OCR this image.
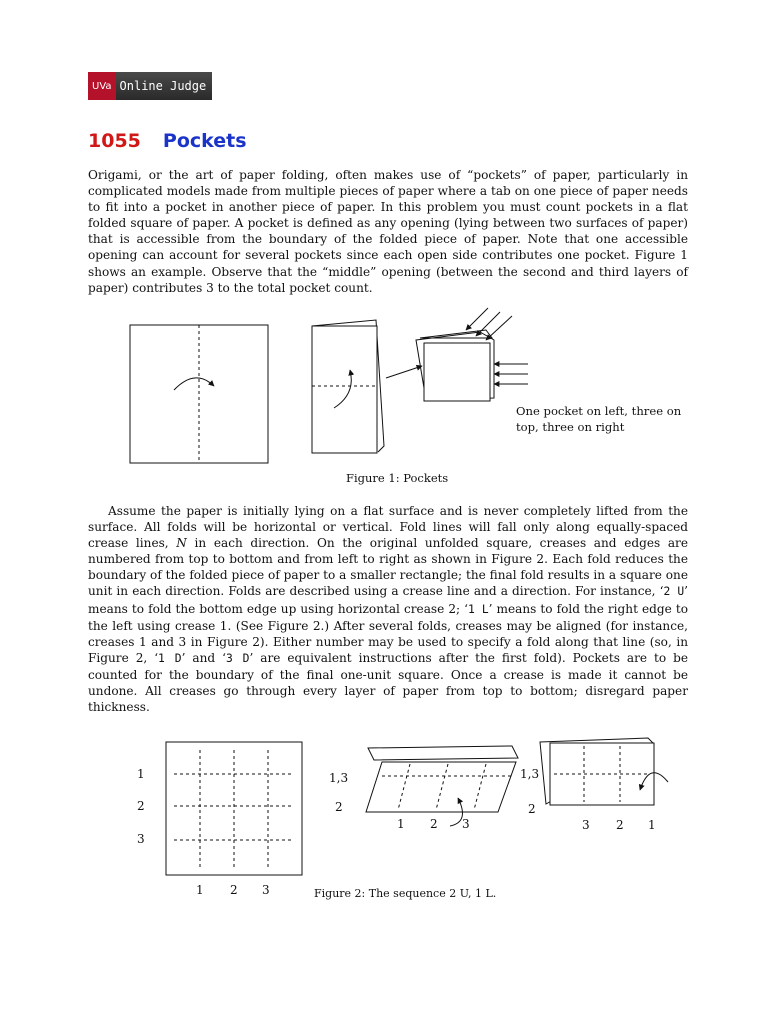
UVa Online Judge
1055 Pockets

Origami, or the art of paper folding, often makes use of “pockets” of paper, particularly in complicated models made from multiple pieces of paper where a tab on one piece of paper needs to fit into a pocket in another piece of paper. In this problem you must count pockets in a flat folded square of paper. A pocket is defined as any opening (lying between two surfaces of paper) that is accessible from the boundary of the folded piece of paper. Note that one accessible opening can account for several pockets since each open side contributes one pocket. Figure 1 shows an example. Observe that the “middle” opening (between the second and third layers of paper) contributes 3 to the total pocket count.

One pocket on left, three on top, three on right
Figure 1: Pockets

Assume the paper is initially lying on a flat surface and is never completely lifted from the surface. All folds will be horizontal or vertical. Fold lines will fall only along equally-spaced crease lines, N in each direction. On the original unfolded square, creases and edges are numbered from top to bottom and from left to right as shown in Figure 2. Each fold reduces the boundary of the folded piece of paper to a smaller rectangle; the final fold results in a square one unit in each direction. Folds are described using a crease line and a direction. For instance, ‘2 U’ means to fold the bottom edge up using horizontal crease 2; ‘1 L’ means to fold the right edge to the left using crease 1. (See Figure 2.) After several folds, creases may be aligned (for instance, creases 1 and 3 in Figure 2). Either number may be used to specify a fold along that line (so, in Figure 2, ‘1 D’ and ‘3 D’ are equivalent instructions after the first fold). Pockets are to be counted for the boundary of the final one-unit square. Once a crease is made it cannot be undone. All creases go through every layer of paper from top to bottom; disregard paper thickness.

1
2
3
1 2 3
1,3
2
1 2 3
1,3
2
3 2 1
Figure 2: The sequence 2 U, 1 L.
